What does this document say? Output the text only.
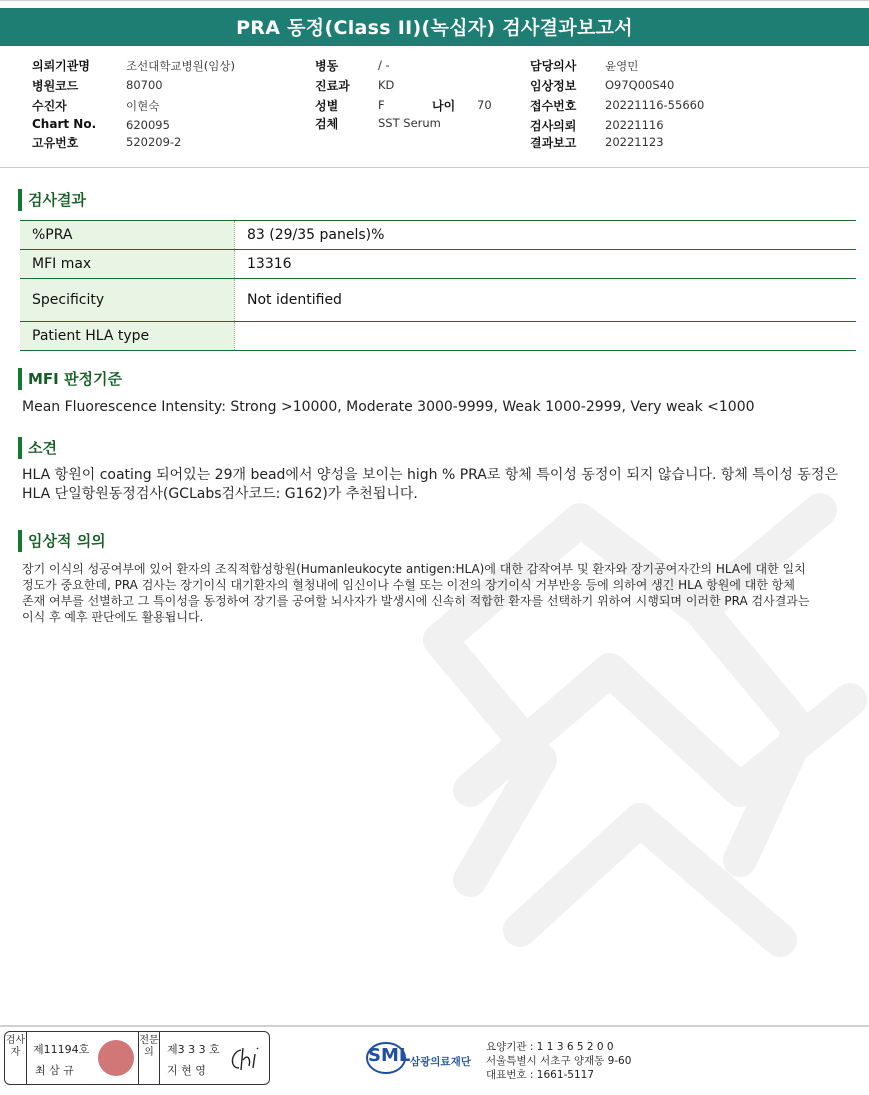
PRA 동정(Class II)(녹십자) 검사결과보고서
의뢰기관명	조선대학교병원(임상)
병원코드	80700
수진자	이현숙
Chart No.	620095
고유번호	520209-2
병동	/ -
진료과 KD
성별	F	나이 70
검체	SST Serum
담당의사 윤영민
임상정보 O97Q00S40
접수번호 20221116-55660
검사의뢰 20221116
결과보고 20221123
검사결과
%PRA	83 (29/35 panels)%
MFI max	13316
Specificity	Not identified
Patient HLA type	
MFI 판정기준
Mean Fluorescence Intensity: Strong >10000, Moderate 3000-9999, Weak 1000-2999, Very weak <1000
소견
HLA 항원이 coating 되어있는 29개 bead에서 양성을 보이는 high % PRA로 항체 특이성 동정이 되지 않습니다. 항체 특이성 동정은
HLA 단일항원동정검사(GCLabs검사코드: G162)가 추천됩니다.
임상적 의의
장기 이식의 성공여부에 있어 환자의 조직적합성항원(Humanleukocyte antigen:HLA)에 대한 감작여부 및 환자와 장기공여자간의 HLA에 대한 일치
정도가 중요한데, PRA 검사는 장기이식 대기환자의 혈청내에 임신이나 수혈 또는 이전의 장기이식 거부반응 등에 의하여 생긴 HLA 항원에 대한 항체
존재 여부를 선별하고 그 특이성을 동정하여 장기를 공여할 뇌사자가 발생시에 신속히 적합한 환자를 선택하기 위하여 시행되며 이러한 PRA 검사결과는
이식 후 예후 판단에도 활용됩니다.
검사자	제11194호
최 삼 규
전문의	제3 3 3 호
지 현 영
SML 삼광의료재단
요양기관 : 1 1 3 6 5 2 0 0
서울특별시 서초구 양재동 9-60
대표번호 : 1661-5117
